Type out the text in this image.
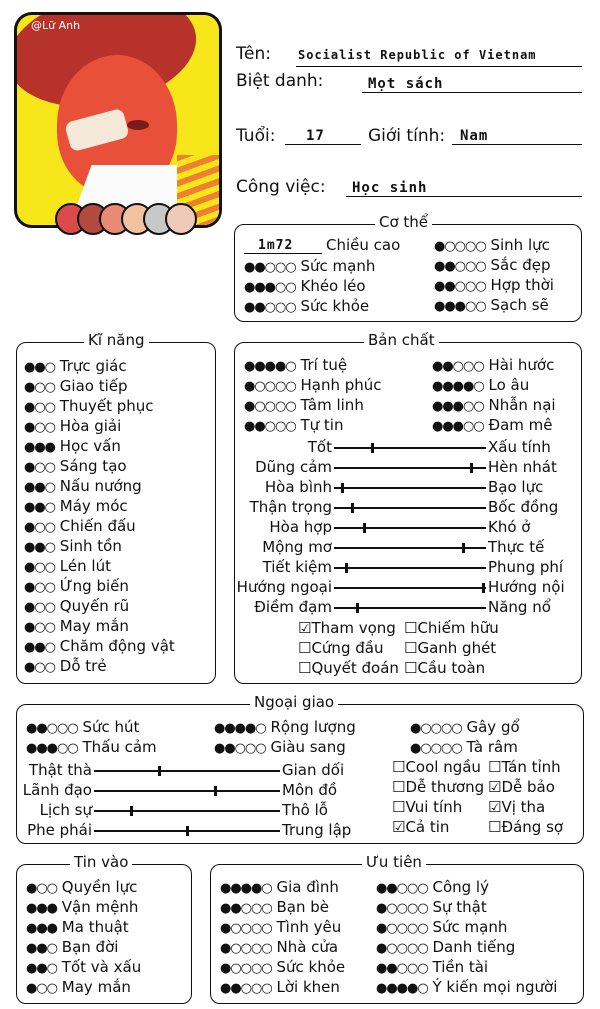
@Lữ Anh
Tên: Socialist Republic of Vietnam
Biệt danh:	Mọt sách
Tuổi: 17	Giới tính: Nam
Công việc: Học sinh
Cơ thể
1m72 Chiều cao
●●○○○ Sức mạnh
●●●○○ Khéo léo
●●○○○ Sức khỏe
●○○○○ Sinh lực
●●○○○ Sắc đẹp
●●○○○ Hợp thời
●●●○○ Sạch sẽ
Kĩ năng
●●○ Trực giác
●○○ Giao tiếp
●○○ Thuyết phục
●○○ Hòa giải
●●● Học vấn
●○○ Sáng tạo
●●○ Nấu nướng
●●○ Máy móc
●○○ Chiến đấu
●●○ Sinh tồn
●○○ Lén lút
●○○ Ứng biến
●○○ Quyến rũ
●○○ May mắn
●●○ Chăm động vật
●○○ Dỗ trẻ
Bản chất
●●●●○ Trí tuệ
●○○○○ Hạnh phúc
●○○○○ Tâm linh
●●○○○ Tự tin
●●○○○ Hài hước
●●●●○ Lo âu
●●●○○ Nhẫn nại
●●●○○ Đam mê
Tốt	Xấu tính
Dũng cảm	Hèn nhát
Hòa bình	Bạo lực
Thận trọng	Bốc đồng
Hòa hợp	Khó ở
Mộng mơ	Thực tế
Tiết kiệm	Phung phí
Hướng ngoại	Hướng nội
Điềm đạm	Năng nổ
☑Tham vọng ☐Chiếm hữu
☐Cứng đầu ☐Ganh ghét
☐Quyết đoán ☐Cầu toàn
Ngoại giao
●●○○○ Sức hút	●●●●○ Rộng lượng	●○○○○ Gây gổ
●●●○○ Thấu cảm	●●○○○ Giàu sang	●○○○○ Tà râm
Thật thà	Gian dối
Lãnh đạo	Môn đồ
Lịch sự	Thô lỗ
Phe phái	Trung lập
☐Cool ngầu ☐Tán tỉnh
☐Dễ thương ☑Dễ bảo
☐Vui tính ☑Vị tha
☑Cả tin	☐Đáng sợ
Tin vào
●○○ Quyền lực
●●● Vận mệnh
●●● Ma thuật
●●○ Bạn đời
●●○ Tốt và xấu
●○○ May mắn
Ưu tiên
●●●●○ Gia đình
●●○○○ Bạn bè
●○○○○ Tình yêu
●○○○○ Nhà cửa
●○○○○ Sức khỏe
●●○○○ Lời khen
●●○○○ Công lý
●○○○○ Sự thật
●○○○○ Sức mạnh
●○○○○ Danh tiếng
●●○○○ Tiền tài
●●●●○ Ý kiến mọi người
